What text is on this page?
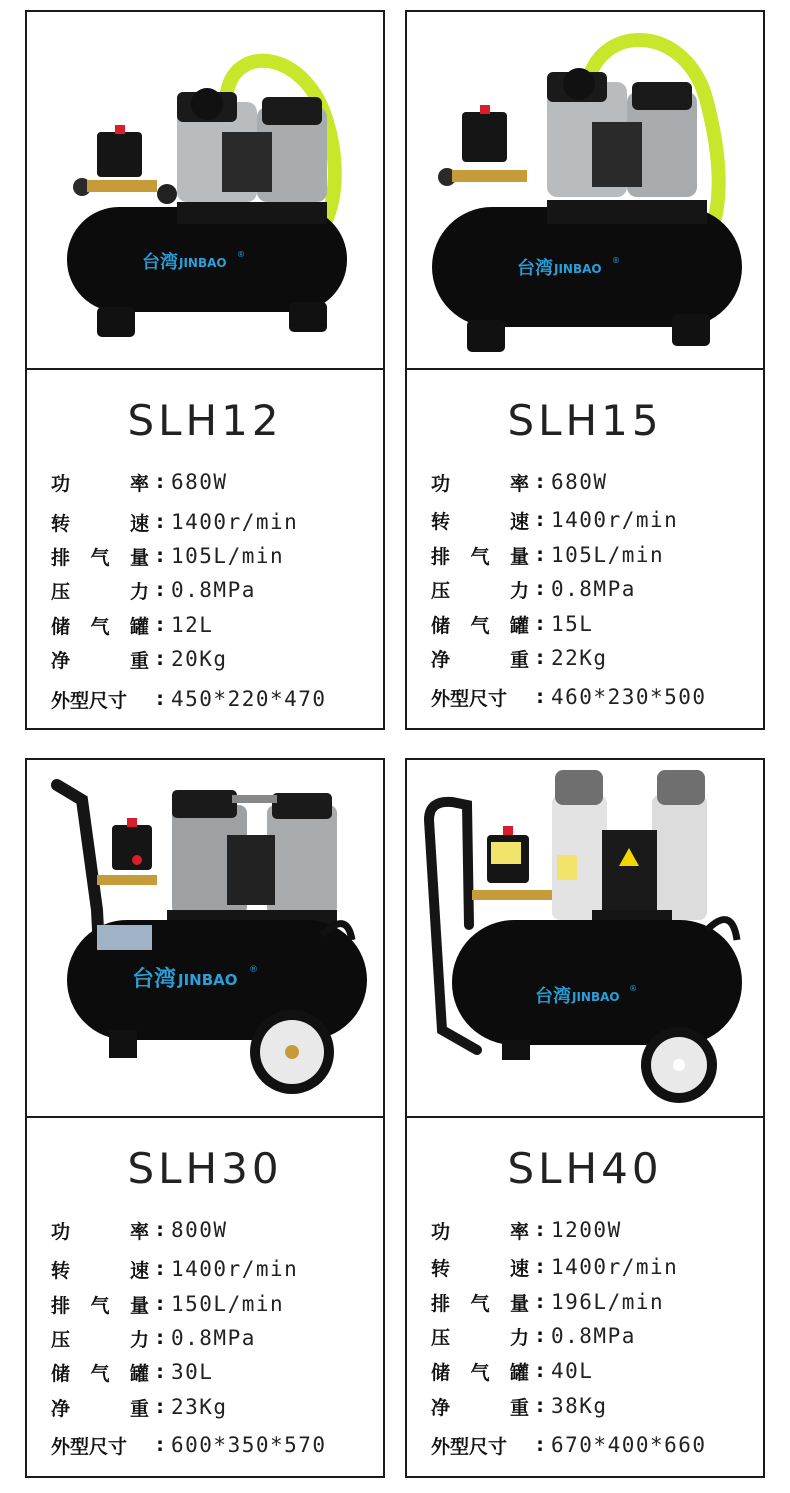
台湾 JINBAO
®
SLH12
功	率 : 680W
转	速 : 1400r/min
排 气 量 : 105L/min
压	力 : 0.8MPa
储 气 罐 : 12L
净	重 : 20Kg
外型尺寸	: 450*220*470
台湾 JINBAO
®
SLH15
功	率 : 680W
转	速 : 1400r/min
排 气 量 : 105L/min
压	力 : 0.8MPa
储 气 罐 : 15L
净	重 : 22Kg
外型尺寸	: 460*230*500
台湾 JINBAO
®
SLH30
功	率 : 800W
转	速 : 1400r/min
排 气 量 : 150L/min
压	力 : 0.8MPa
储 气 罐 : 30L
净	重 : 23Kg
外型尺寸	: 600*350*570
台湾 JINBAO
®
SLH40
功	率 : 1200W
转	速 : 1400r/min
排 气 量 : 196L/min
压	力 : 0.8MPa
储 气 罐 : 40L
净	重 : 38Kg
外型尺寸	: 670*400*660
